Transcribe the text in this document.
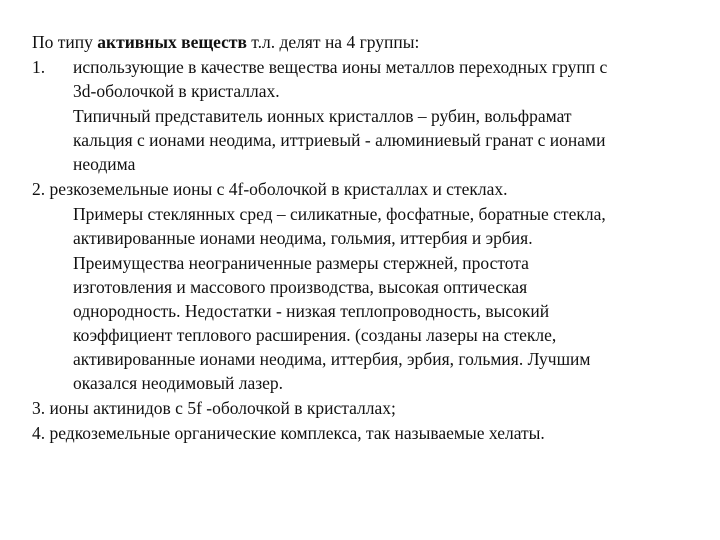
По типу активных веществ т.л. делят на 4 группы:
1. использующие в качестве вещества ионы металлов переходных групп с
3d-оболочкой в кристаллах.
Типичный представитель ионных кристаллов – рубин, вольфрамат
кальция с ионами неодима, иттриевый - алюминиевый гранат с ионами
неодима
2. резкоземельные ионы с 4f-оболочкой в кристаллах и стеклах.
Примеры стеклянных сред – силикатные, фосфатные, боратные стекла,
активированные ионами неодима, гольмия, иттербия и эрбия.
Преимущества неограниченные размеры стержней, простота
изготовления и массового производства, высокая оптическая
однородность. Недостатки - низкая теплопроводность, высокий
коэффициент теплового расширения. (созданы лазеры на стекле,
активированные ионами неодима, иттербия, эрбия, гольмия. Лучшим
оказался неодимовый лазер.
3. ионы актинидов с 5f -оболочкой в кристаллах;
4. редкоземельные органические комплекса, так называемые хелаты.
